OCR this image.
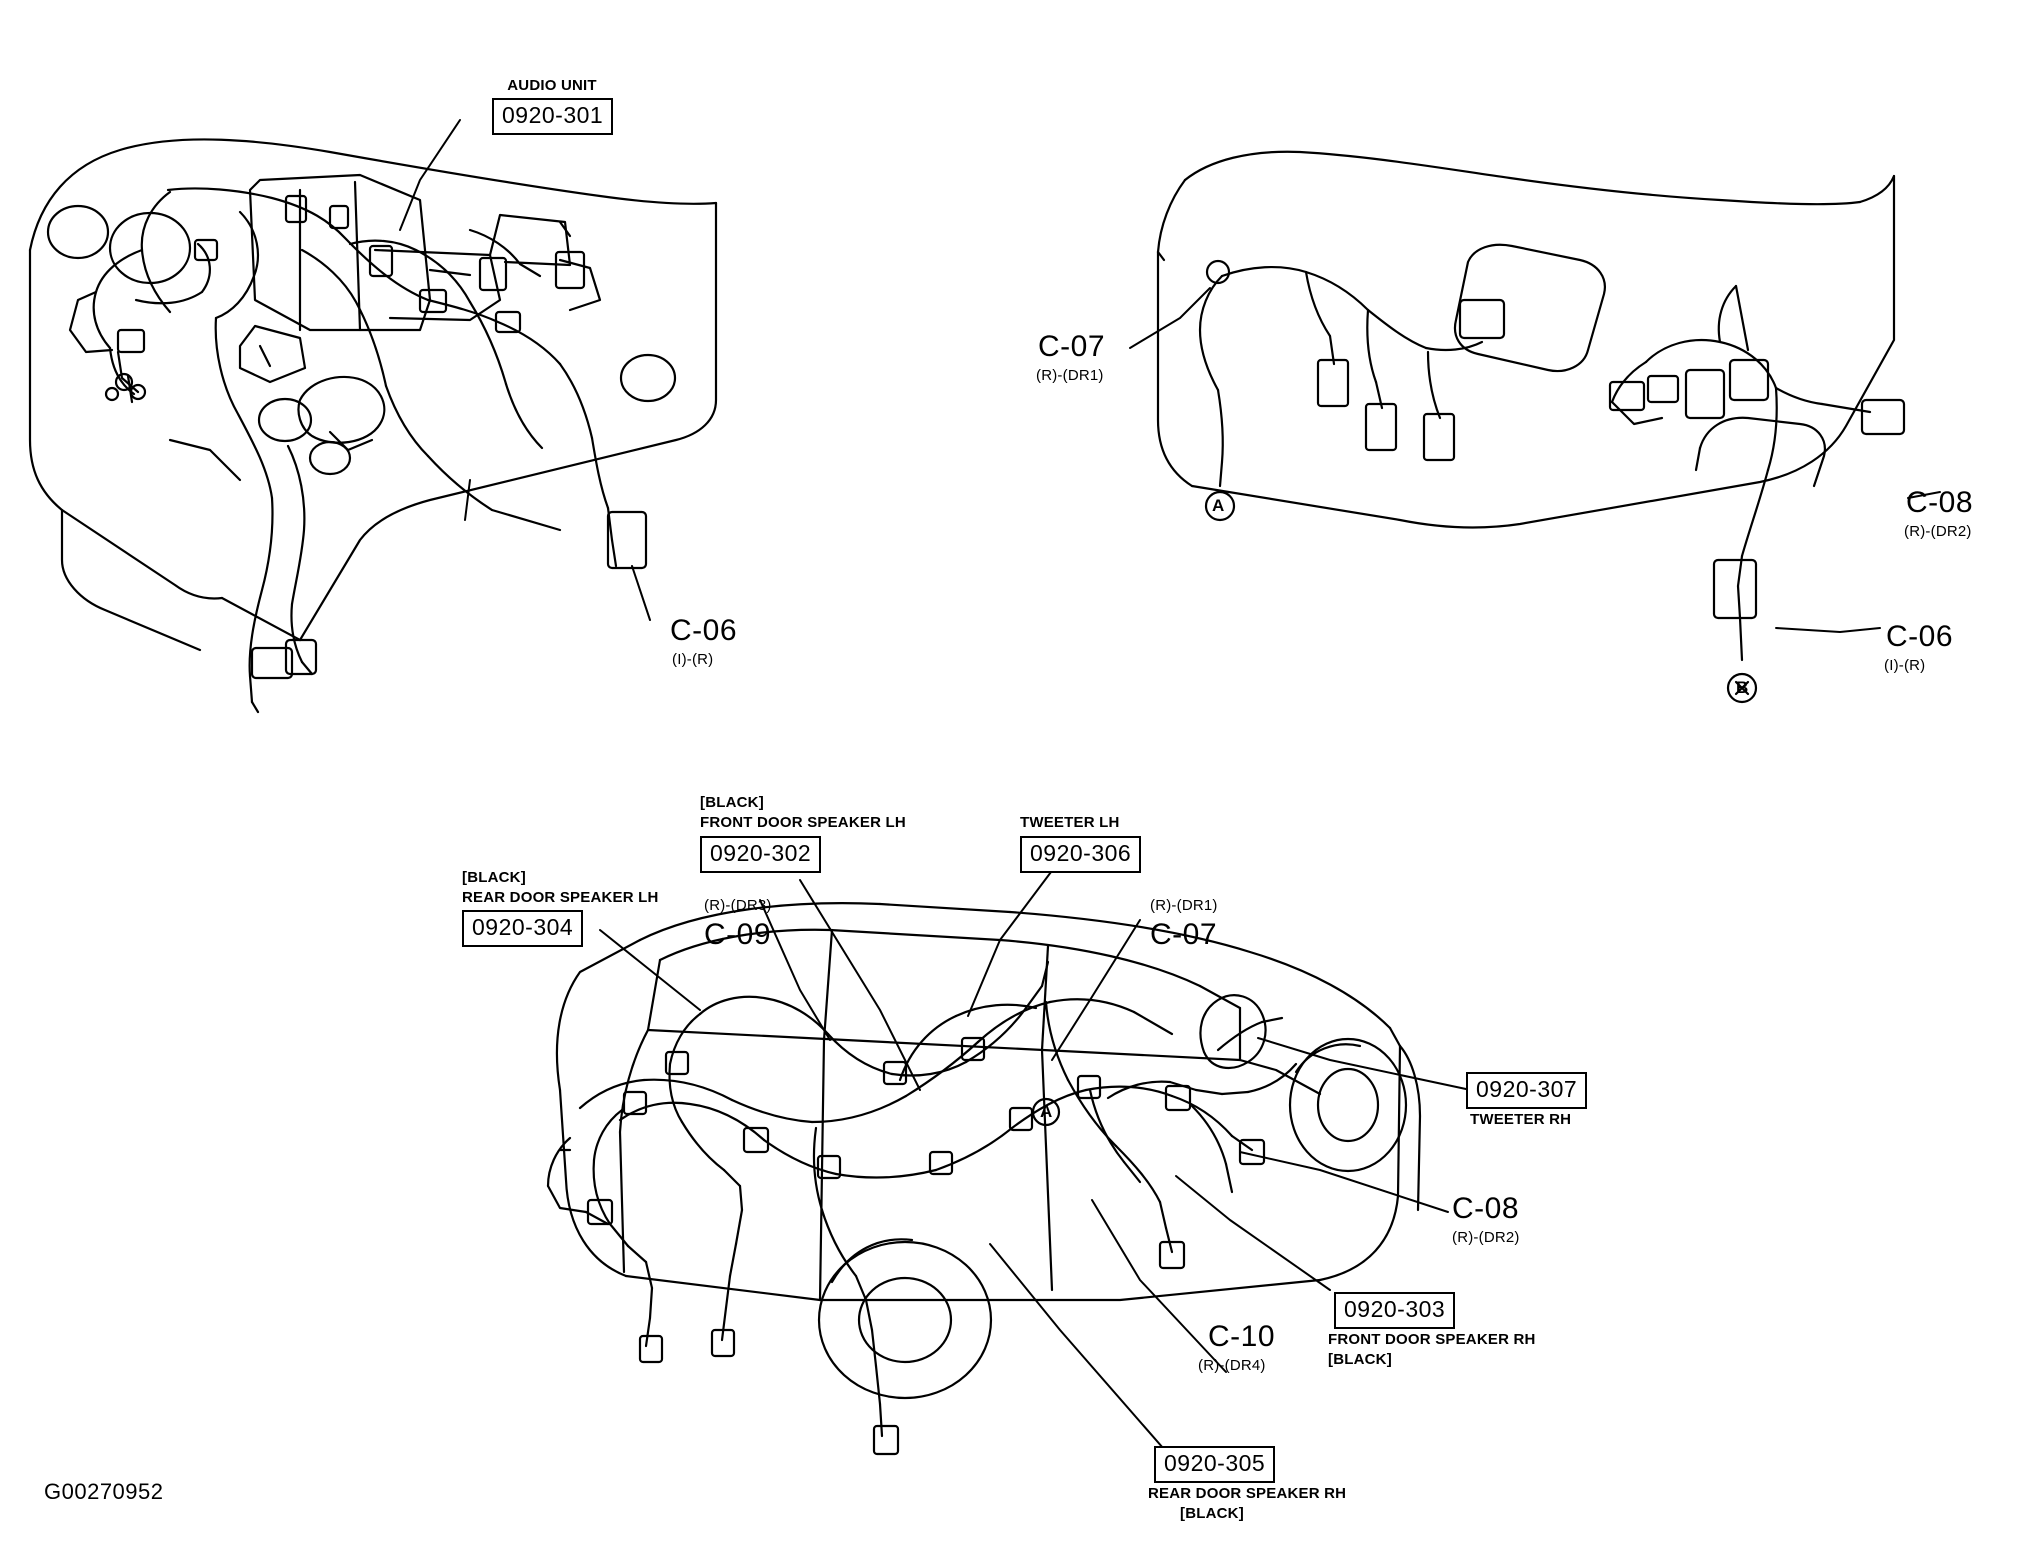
AUDIO UNIT
0920-301
C-06
(I)-(R)
C-07
(R)-(DR1)
C-08
(R)-(DR2)
C-06
(I)-(R)
A
B
[BLACK]
REAR DOOR SPEAKER LH
0920-304
[BLACK]
FRONT DOOR SPEAKER LH
0920-302
TWEETER LH
0920-306
(R)-(DR3)
C-09
(R)-(DR1)
C-07
0920-307
TWEETER RH
C-08
(R)-(DR2)
0920-303
FRONT DOOR SPEAKER RH
[BLACK]
C-10
(R)-(DR4)
0920-305
REAR DOOR SPEAKER RH
[BLACK]
A
G00270952
